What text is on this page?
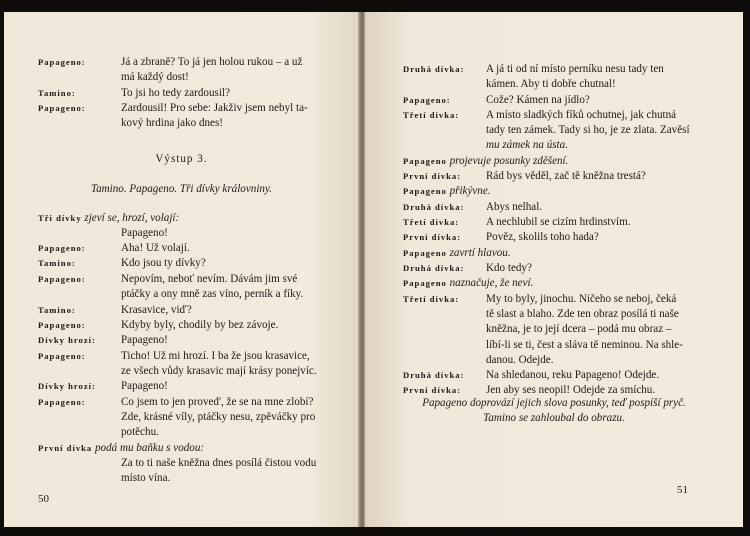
Papageno:	Já a zbraně? To já jen holou rukou – a už
má každý dost!
Tamino:	To jsi ho tedy zardousil?
Papageno:	Zardousil! Pro sebe: Jakživ jsem nebyl ta-
kový hrdina jako dnes!
Výstup 3.
Tamino. Papageno. Tři dívky královniny.
Tři dívky zjeví se, hrozí, volají:
Papageno!
Papageno:	Aha! Už volají.
Tamino:	Kdo jsou ty dívky?
Papageno:	Nepovím, neboť nevím. Dávám jim své
ptáčky a ony mně zas víno, perník a fíky.
Tamino:	Krasavice, viď?
Papageno:	Kdyby byly, chodily by bez závoje.
Dívky hrozí: Papageno!
Papageno:	Ticho! Už mi hrozí. I ba že jsou krasavice,
ze všech vůdy krasavic mají krásy ponejvíc.
Dívky hrozí: Papageno!
Papageno:	Co jsem to jen proved', že se na mne zlobí?
Zde, krásné víly, ptáčky nesu, zpěváčky pro
potěchu.
První dívka podá mu baňku s vodou:
Za to ti naše kněžna dnes posílá čistou vodu
místo vína.
50
Druhá dívka: A já ti od ní místo perníku nesu tady ten
kámen. Aby ti dobře chutnal!
Papageno:	Cože? Kámen na jídlo?
Třetí dívka: A místo sladkých fíků ochutnej, jak chutná
tady ten zámek. Tady si ho, je ze zlata. Zavěsí
mu zámek na ústa.
Papageno projevuje posunky zděšení.
První dívka: Rád bys věděl, zač tě kněžna trestá?
Papageno přikývne.
Druhá dívka: Abys nelhal.
Třetí dívka: A nechlubil se cizím hrdinstvím.
První dívka: Pověz, skolils toho hada?
Papageno zavrtí hlavou.
Druhá dívka: Kdo tedy?
Papageno naznačuje, že neví.
Třetí dívka: My to byly, jinochu. Ničeho se neboj, čeká
tě slast a blaho. Zde ten obraz posílá ti naše
kněžna, je to její dcera – podá mu obraz –
líbí-li se ti, čest a sláva tě neminou. Na shle-
danou. Odejde.
Druhá dívka: Na shledanou, reku Papageno! Odejde.
První dívka: Jen aby ses neopil! Odejde za smíchu.
Papageno doprovází jejich slova posunky, teď pospíší pryč.
Tamino se zahloubal do obrazu.
51
